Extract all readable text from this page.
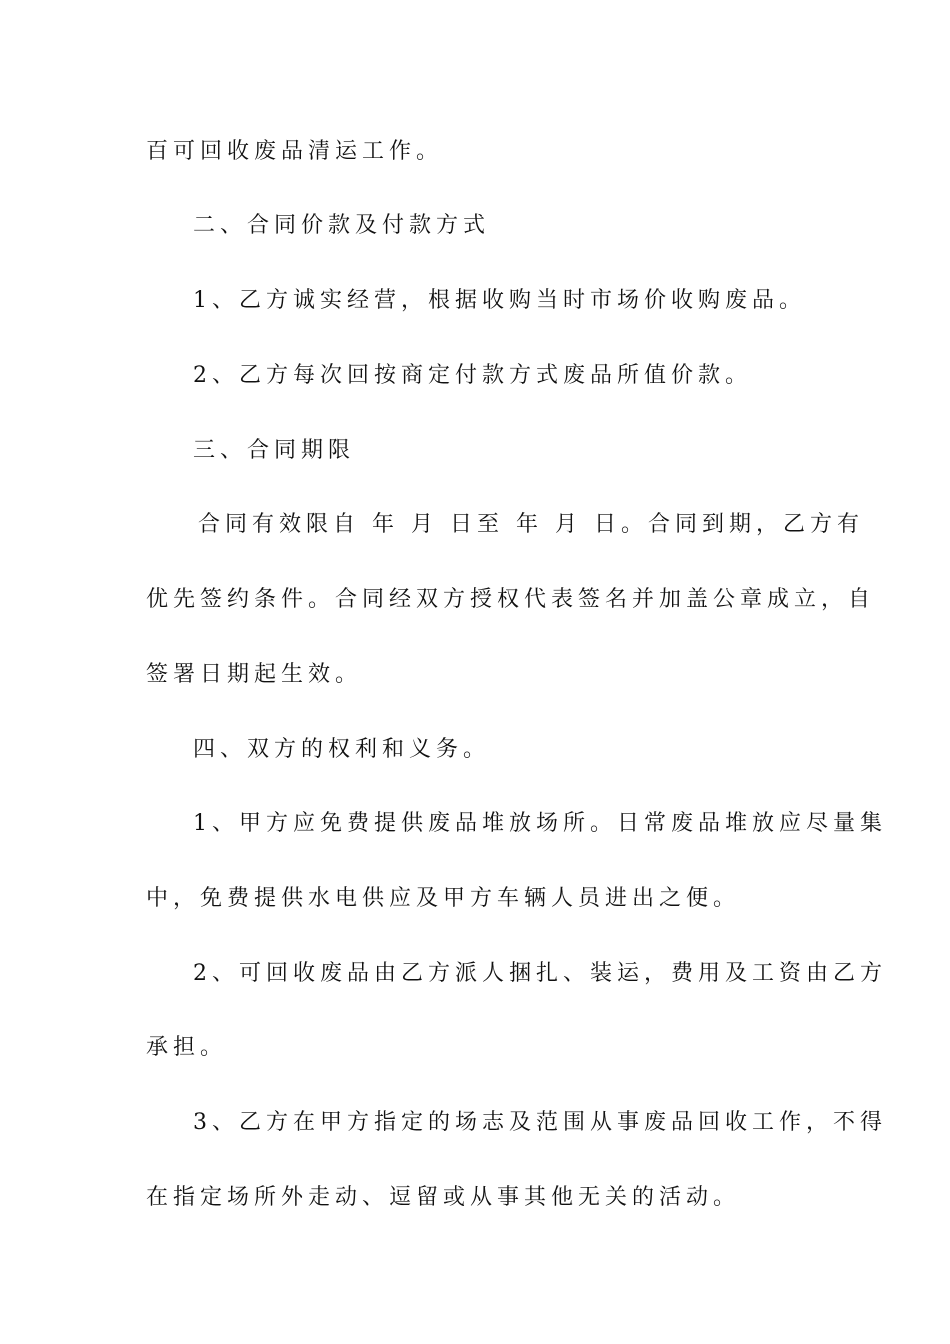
百可回收废品清运工作。
二、合同价款及付款方式
1、乙方诚实经营，根据收购当时市场价收购废品。
2、乙方每次回按商定付款方式废品所值价款。
三、合同期限
合同有效限自 年 月 日至 年 月 日。合同到期，乙方有
优先签约条件。合同经双方授权代表签名并加盖公章成立，自
签署日期起生效。
四、双方的权利和义务。
1、甲方应免费提供废品堆放场所。日常废品堆放应尽量集
中，免费提供水电供应及甲方车辆人员进出之便。
2、可回收废品由乙方派人捆扎、装运，费用及工资由乙方
承担。
3、乙方在甲方指定的场志及范围从事废品回收工作，不得
在指定场所外走动、逗留或从事其他无关的活动。
